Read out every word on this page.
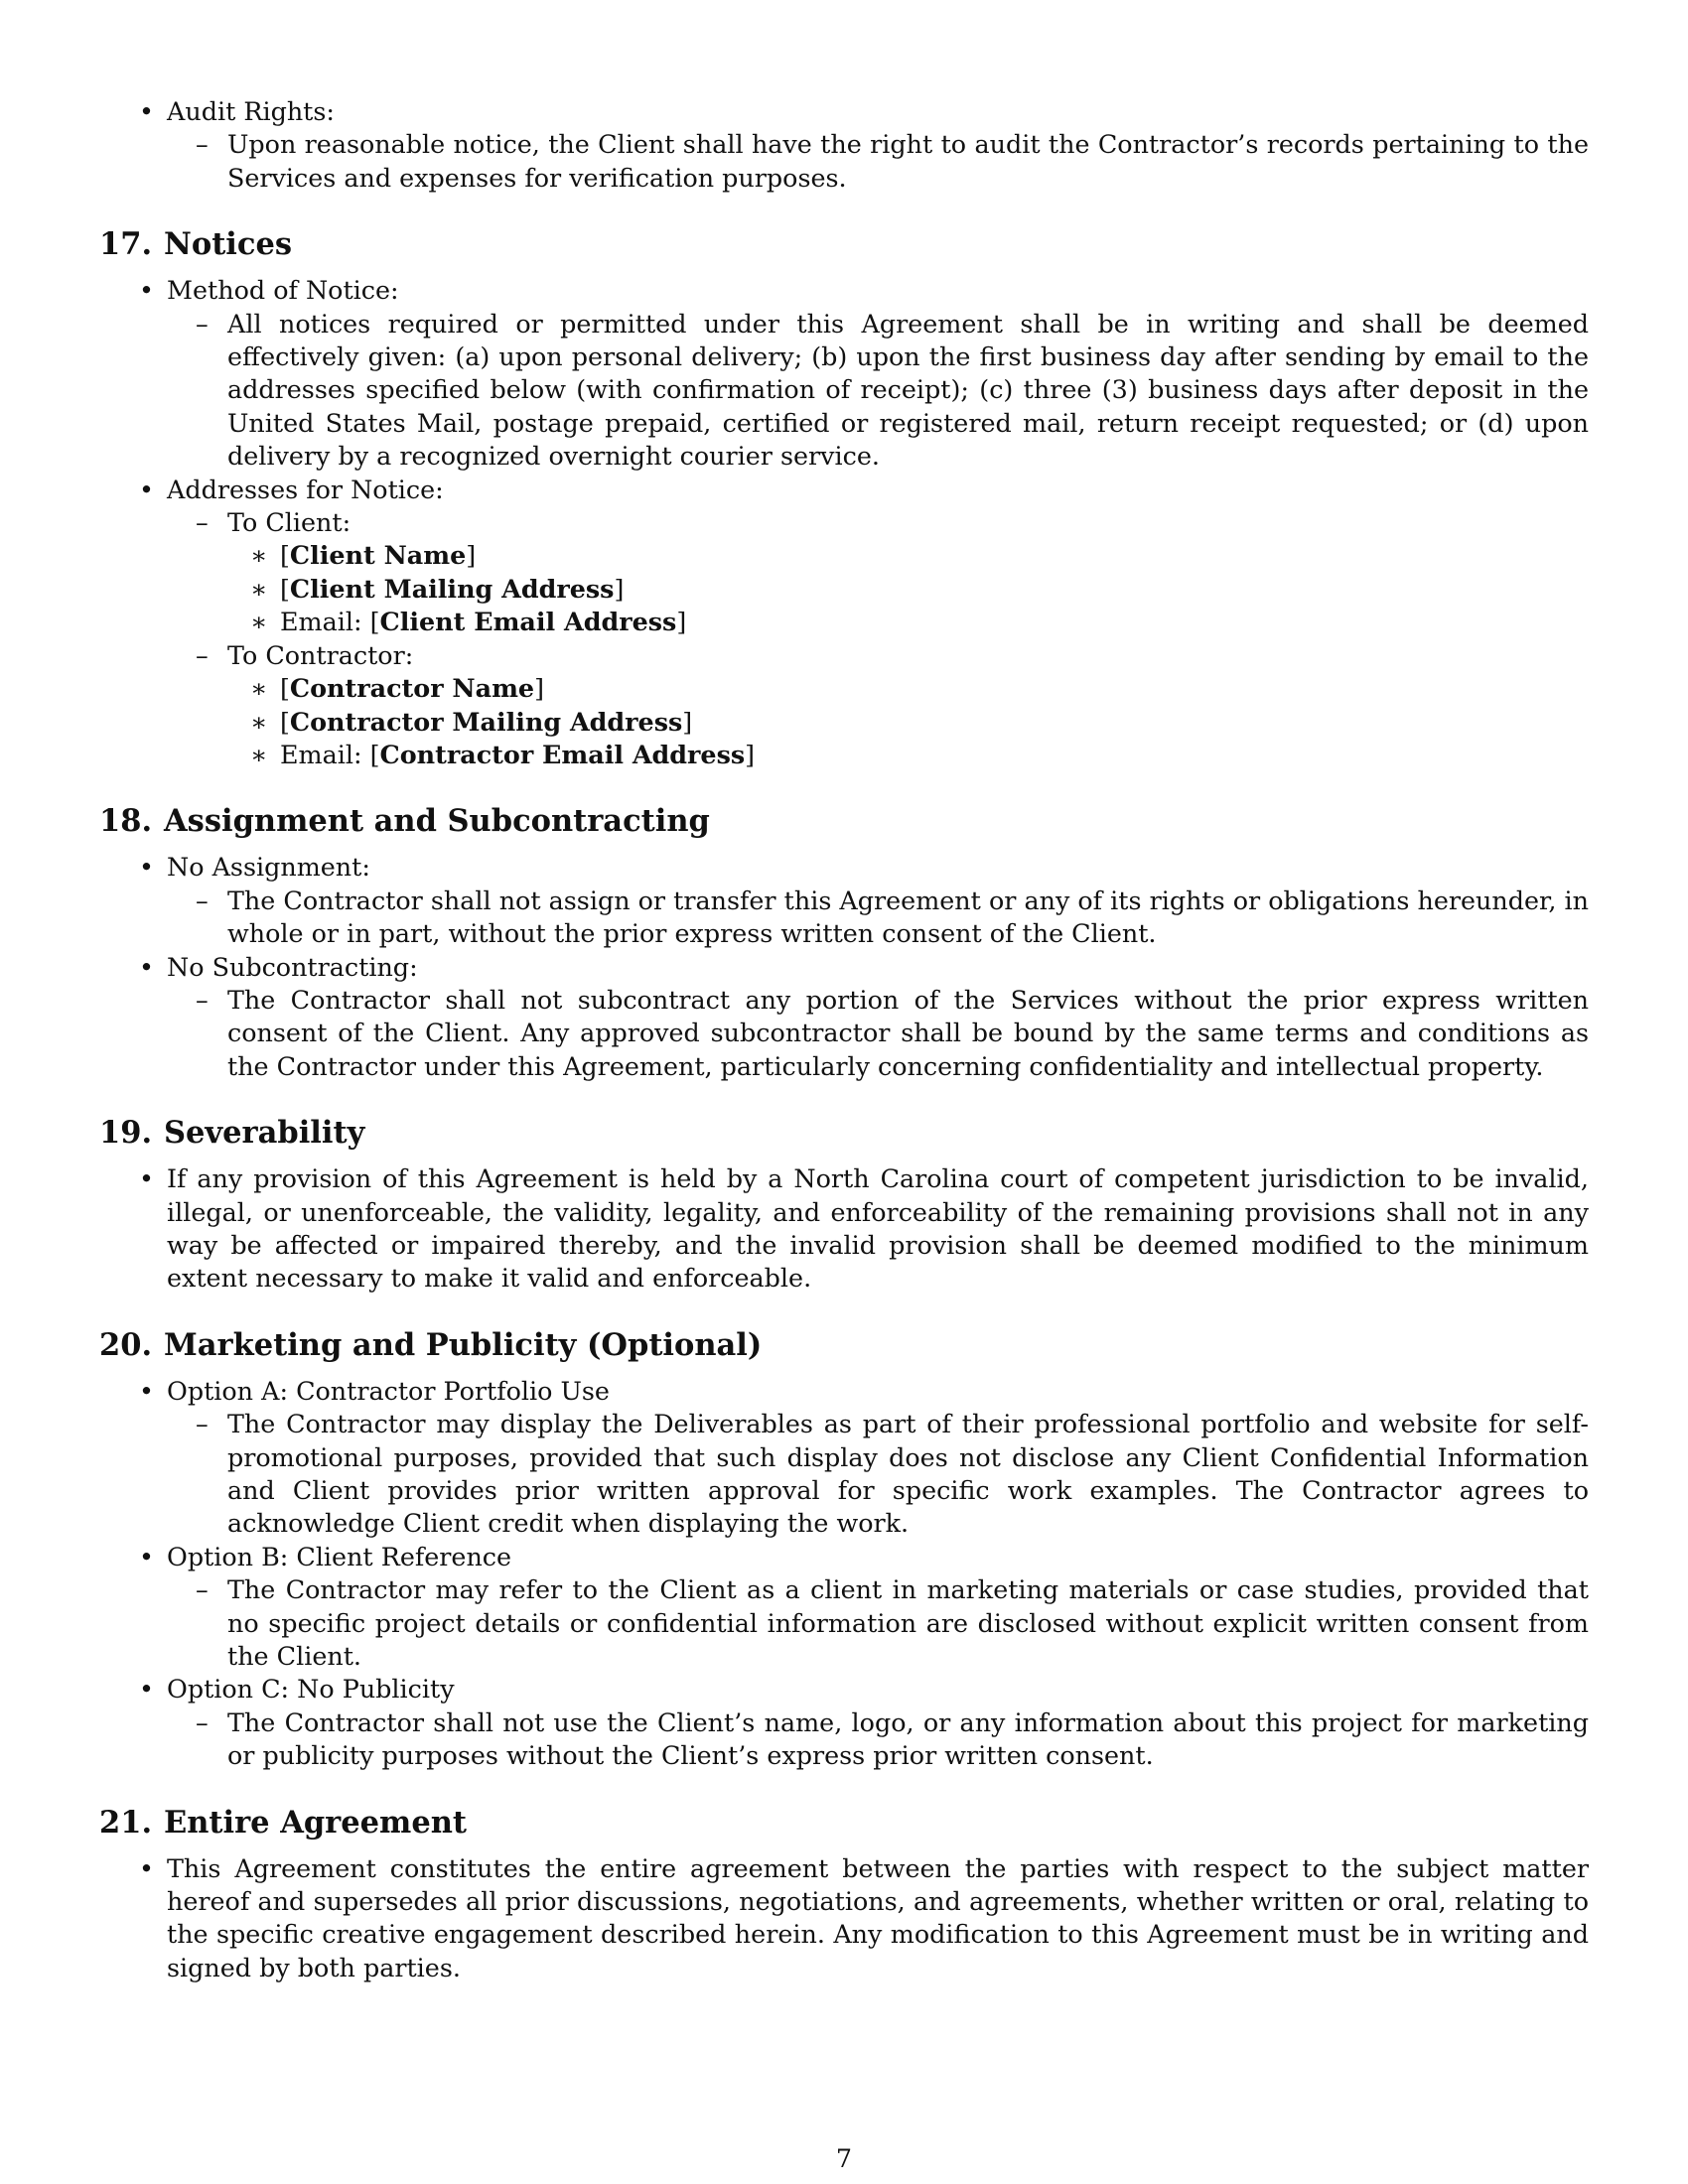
• Audit Rights:
– Upon reasonable notice, the Client shall have the right to audit the Contractor’s records pertaining to the Services and expenses for verification purposes.
17. Notices
• Method of Notice:
– All notices required or permitted under this Agreement shall be in writing and shall be deemed effectively given: (a) upon personal delivery; (b) upon the first business day after sending by email to the addresses specified below (with confirmation of receipt); (c) three (3) business days after deposit in the United States Mail, postage prepaid, certified or registered mail, return receipt requested; or (d) upon delivery by a recognized overnight courier service.
• Addresses for Notice:
– To Client:
∗ [Client Name]
∗ [Client Mailing Address]
∗ Email: [Client Email Address]
– To Contractor:
∗ [Contractor Name]
∗ [Contractor Mailing Address]
∗ Email: [Contractor Email Address]
18. Assignment and Subcontracting
• No Assignment:
– The Contractor shall not assign or transfer this Agreement or any of its rights or obligations hereunder, in whole or in part, without the prior express written consent of the Client.
• No Subcontracting:
– The Contractor shall not subcontract any portion of the Services without the prior express written consent of the Client. Any approved subcontractor shall be bound by the same terms and conditions as the Contractor under this Agreement, particularly concerning confidentiality and intellectual property.
19. Severability
• If any provision of this Agreement is held by a North Carolina court of competent jurisdiction to be invalid, illegal, or unenforceable, the validity, legality, and enforceability of the remaining provisions shall not in any way be affected or impaired thereby, and the invalid provision shall be deemed modified to the minimum extent necessary to make it valid and enforceable.
20. Marketing and Publicity (Optional)
• Option A: Contractor Portfolio Use
– The Contractor may display the Deliverables as part of their professional portfolio and website for self-promotional purposes, provided that such display does not disclose any Client Confidential Information and Client provides prior written approval for specific work examples. The Contractor agrees to acknowledge Client credit when displaying the work.
• Option B: Client Reference
– The Contractor may refer to the Client as a client in marketing materials or case studies, provided that no specific project details or confidential information are disclosed without explicit written consent from the Client.
• Option C: No Publicity
– The Contractor shall not use the Client’s name, logo, or any information about this project for marketing or publicity purposes without the Client’s express prior written consent.
21. Entire Agreement
• This Agreement constitutes the entire agreement between the parties with respect to the subject matter hereof and supersedes all prior discussions, negotiations, and agreements, whether written or oral, relating to the specific creative engagement described herein. Any modification to this Agreement must be in writing and signed by both parties.
7
